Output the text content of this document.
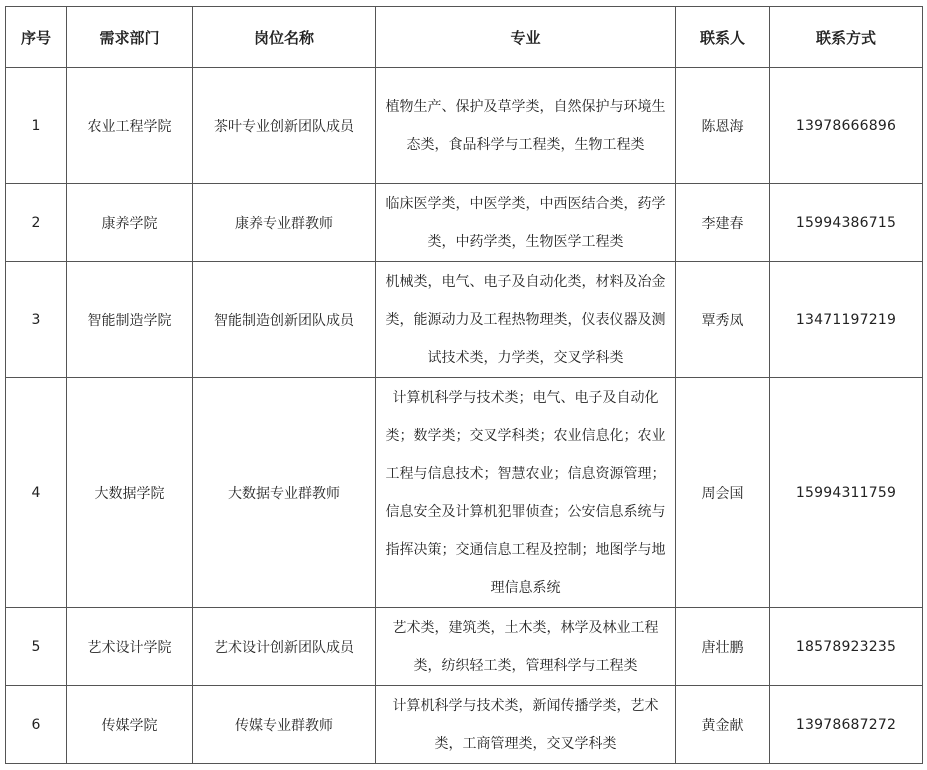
序号	需求部门	岗位名称	专业	联系人	联系方式
1	农业工程学院	茶叶专业创新团队成员	植物生产、保护及草学类，自然保护与环境生态类，食品科学与工程类，生物工程类	陈恩海	13978666896
2	康养学院	康养专业群教师	临床医学类，中医学类，中西医结合类，药学类，中药学类，生物医学工程类	李建春	15994386715
3	智能制造学院	智能制造创新团队成员	机械类，电气、电子及自动化类，材料及冶金类，能源动力及工程热物理类，仪表仪器及测试技术类，力学类，交叉学科类	覃秀凤	13471197219
4	大数据学院	大数据专业群教师	计算机科学与技术类；电气、电子及自动化类；数学类；交叉学科类；农业信息化；农业工程与信息技术；智慧农业；信息资源管理；信息安全及计算机犯罪侦查；公安信息系统与指挥决策；交通信息工程及控制；地图学与地理信息系统	周会国	15994311759
5	艺术设计学院	艺术设计创新团队成员	艺术类，建筑类，土木类，林学及林业工程类，纺织轻工类，管理科学与工程类	唐壮鹏	18578923235
6	传媒学院	传媒专业群教师	计算机科学与技术类，新闻传播学类，艺术类，工商管理类，交叉学科类	黄金献	13978687272
